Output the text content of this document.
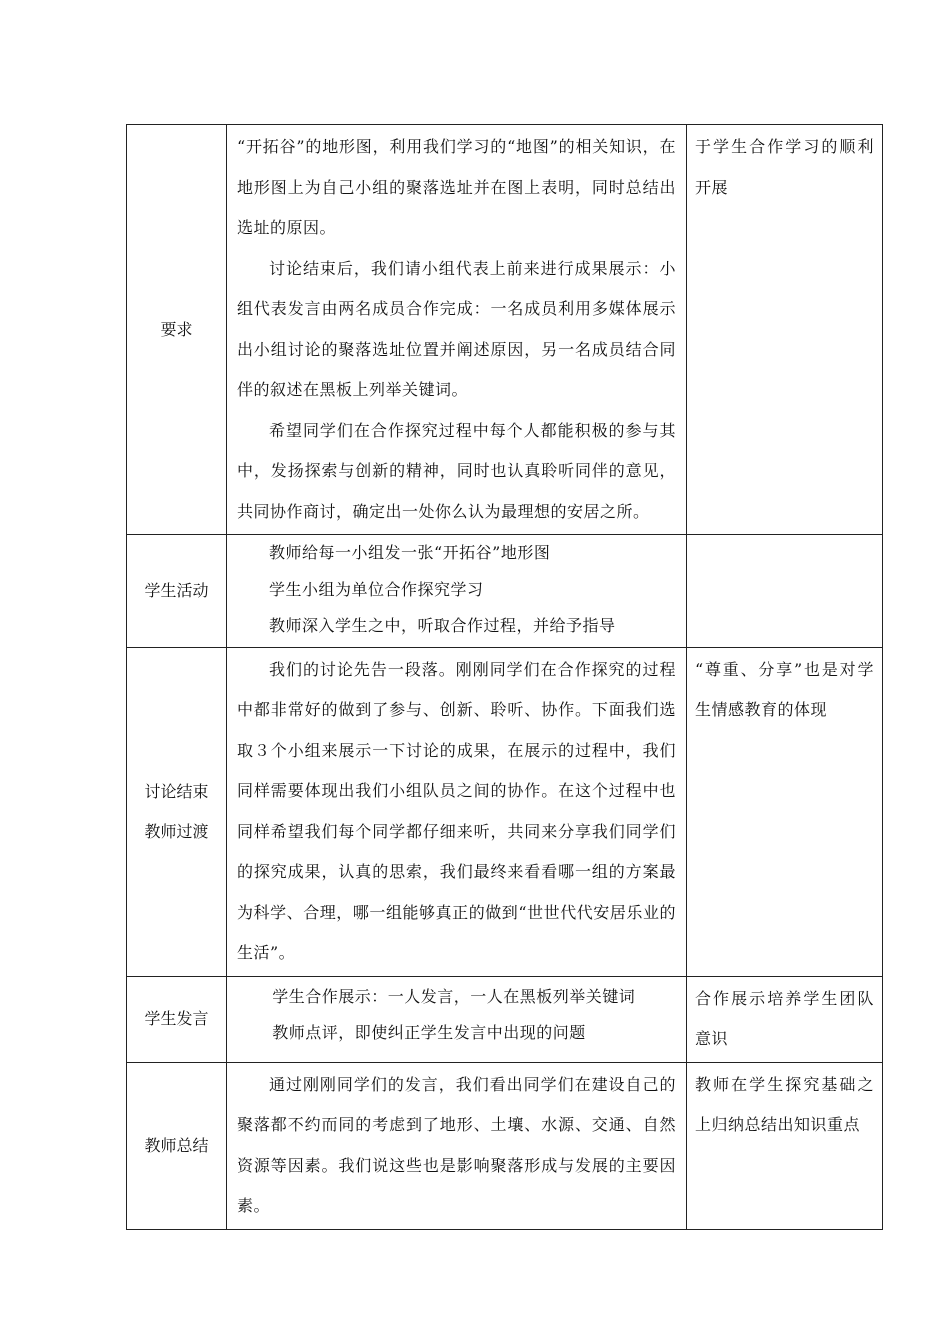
要求	“开拓谷”的地形图，利用我们学习的“地图”的相关知识，在地形图上为自己小组的聚落选址并在图上表明，同时总结出选址的原因。

讨论结束后，我们请小组代表上前来进行成果展示：小组代表发言由两名成员合作完成：一名成员利用多媒体展示出小组讨论的聚落选址位置并阐述原因，另一名成员结合同伴的叙述在黑板上列举关键词。

希望同学们在合作探究过程中每个人都能积极的参与其中，发扬探索与创新的精神，同时也认真聆听同伴的意见，共同协作商讨，确定出一处你么认为最理想的安居之所。	于学生合作学习的顺利开展

学生活动	教师给每一小组发一张“开拓谷”地形图

学生小组为单位合作探究学习

教师深入学生之中，听取合作过程，并给予指导	

讨论结束
教师过渡	我们的讨论先告一段落。刚刚同学们在合作探究的过程中都非常好的做到了参与、创新、聆听、协作。下面我们选取３个小组来展示一下讨论的成果，在展示的过程中，我们同样需要体现出我们小组队员之间的协作。在这个过程中也同样希望我们每个同学都仔细来听，共同来分享我们同学们的探究成果，认真的思索，我们最终来看看哪一组的方案最为科学、合理，哪一组能够真正的做到“世世代代安居乐业的生活”。	“尊重、分享”也是对学生情感教育的体现

学生发言	学生合作展示：一人发言，一人在黑板列举关键词

教师点评，即使纠正学生发言中出现的问题	合作展示培养学生团队意识

教师总结	通过刚刚同学们的发言，我们看出同学们在建设自己的聚落都不约而同的考虑到了地形、土壤、水源、交通、自然资源等因素。我们说这些也是影响聚落形成与发展的主要因素。	教师在学生探究基础之上归纳总结出知识重点
